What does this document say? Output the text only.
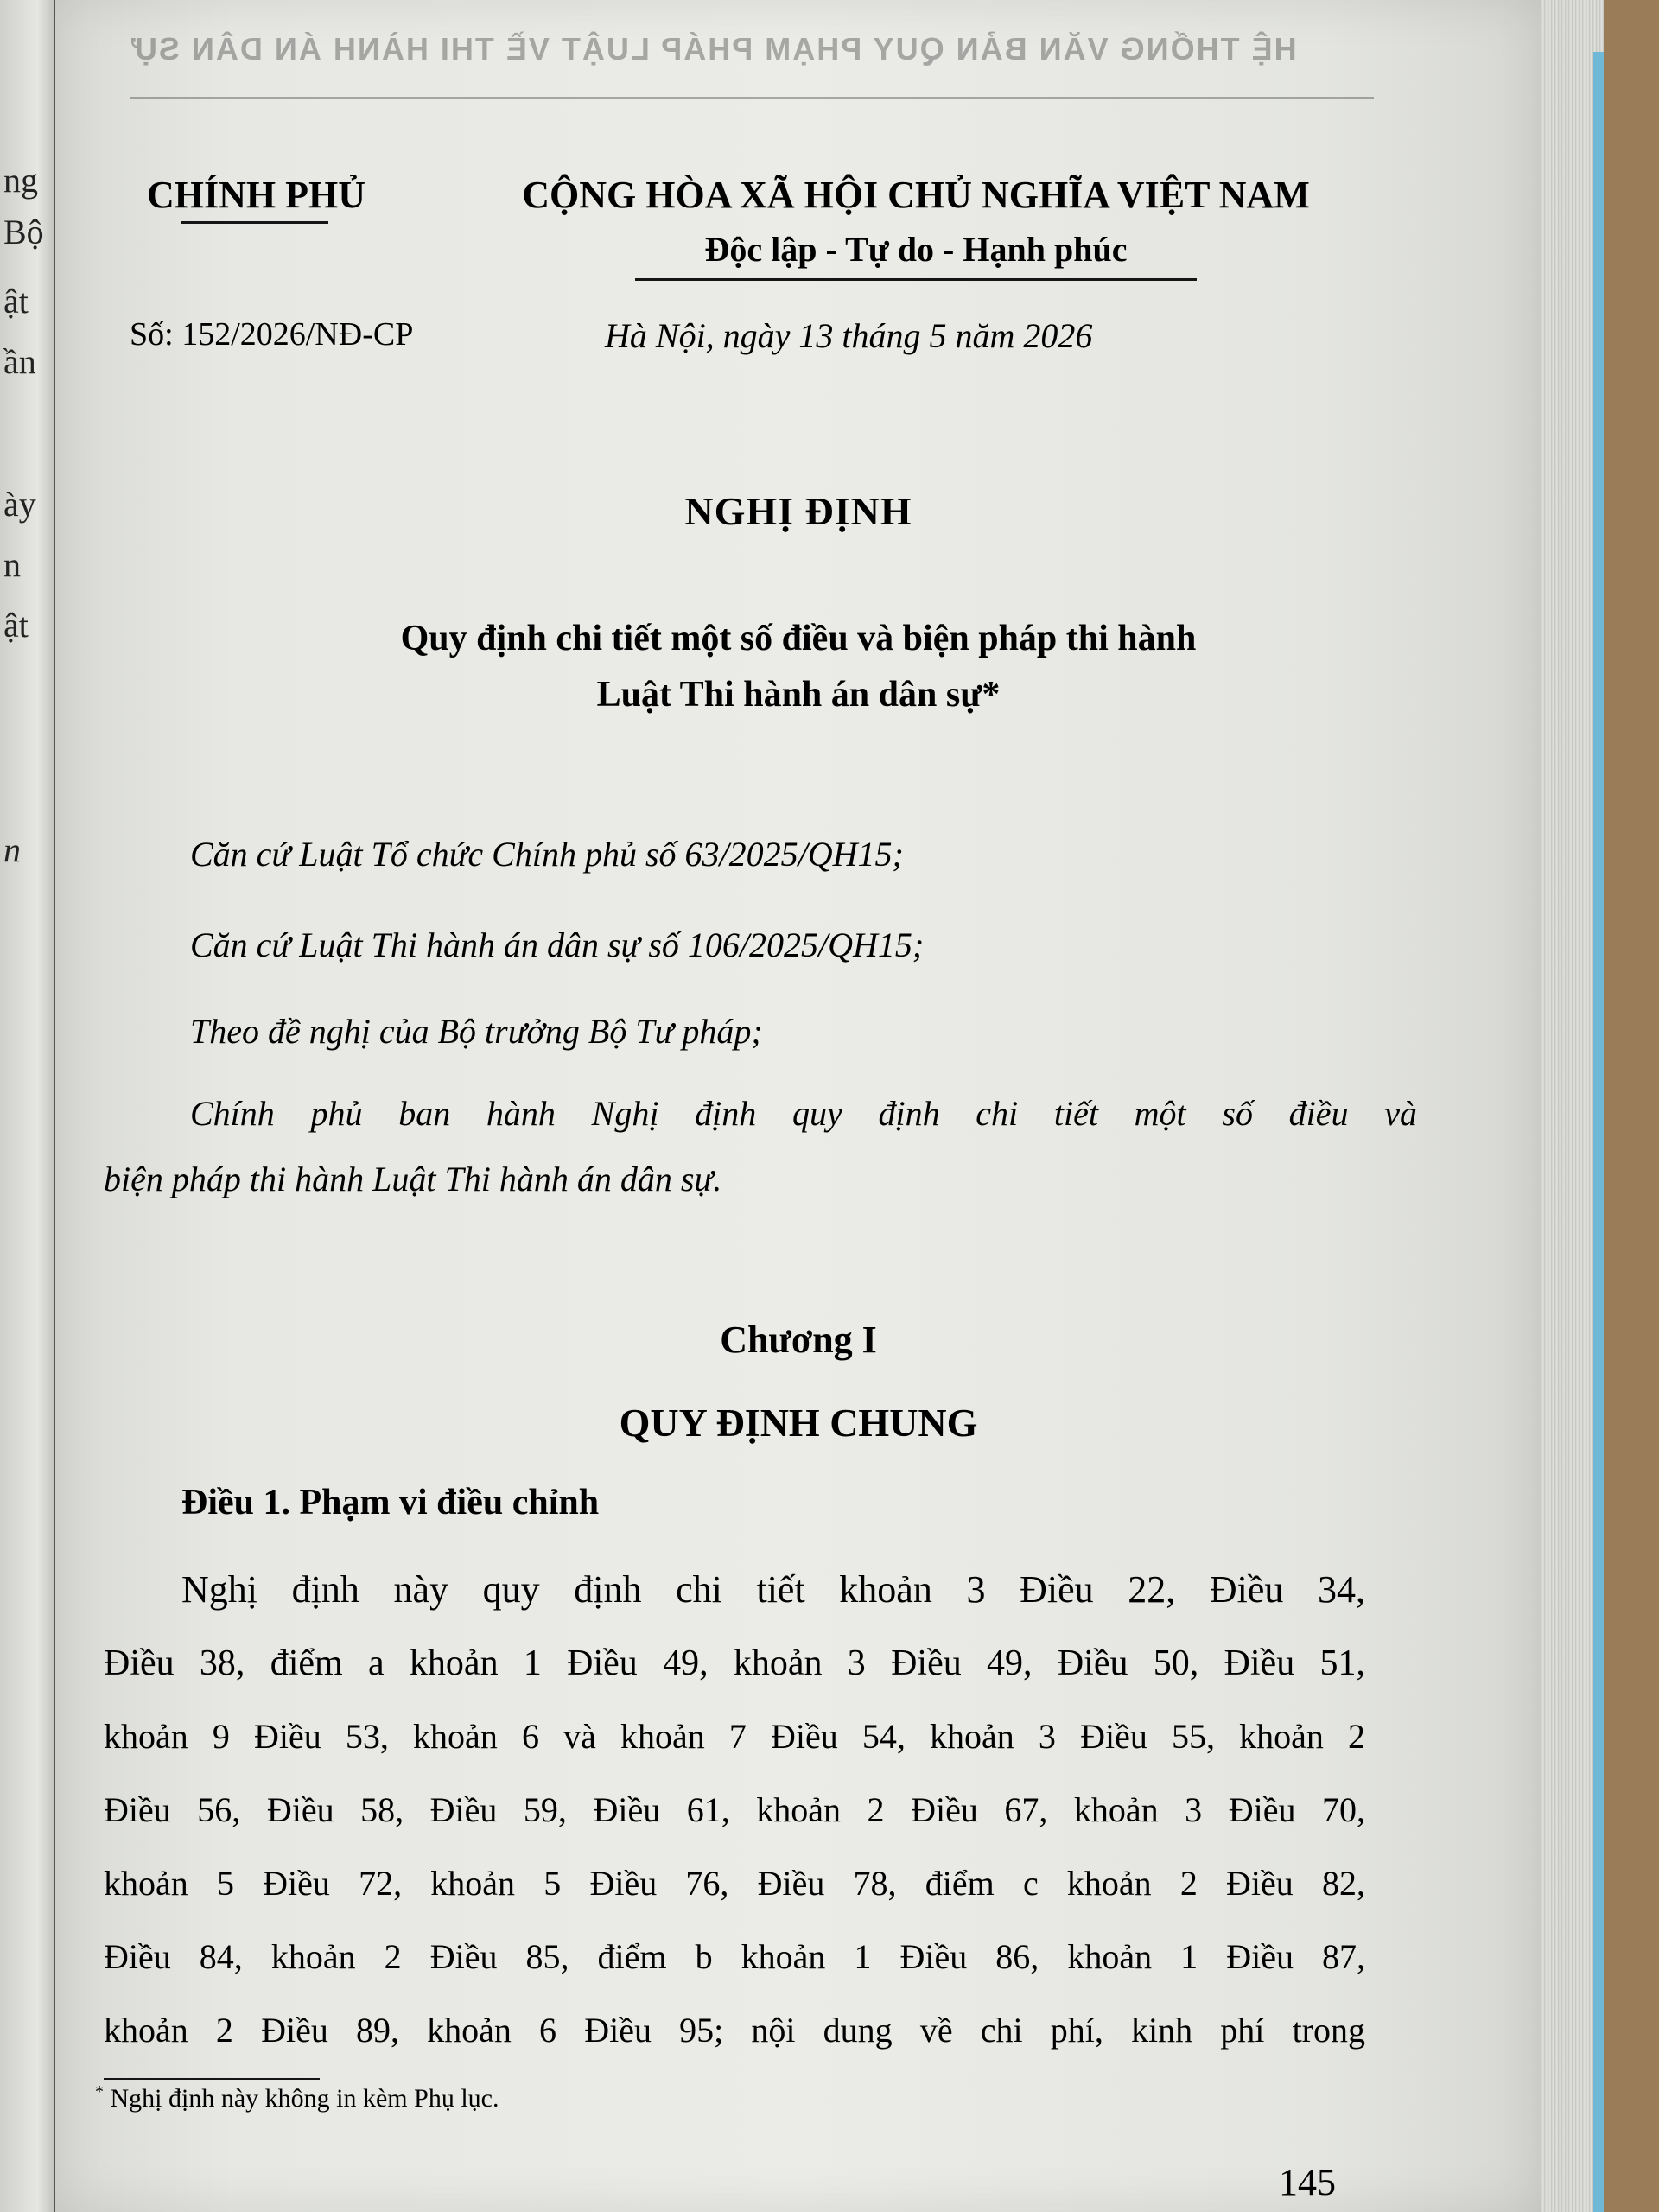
ng
Bộ
ật
ần
ày
n
ật
n
HỆ THỐNG VĂN BẢN QUY PHẠM PHÁP LUẬT VỀ THI HÀNH ÁN DÂN SỰ
CHÍNH PHỦ	CỘNG HÒA XÃ HỘI CHỦ NGHĨA VIỆT NAM
Độc lập - Tự do - Hạnh phúc
Số: 152/2026/NĐ-CP	Hà Nội, ngày 13 tháng 5 năm 2026
NGHỊ ĐỊNH
Quy định chi tiết một số điều và biện pháp thi hành
Luật Thi hành án dân sự*
Căn cứ Luật Tổ chức Chính phủ số 63/2025/QH15;
Căn cứ Luật Thi hành án dân sự số 106/2025/QH15;
Theo đề nghị của Bộ trưởng Bộ Tư pháp;
Chính phủ ban hành Nghị định quy định chi tiết một số điều và
biện pháp thi hành Luật Thi hành án dân sự.
Chương I
QUY ĐỊNH CHUNG
Điều 1. Phạm vi điều chỉnh
Nghị định này quy định chi tiết khoản 3 Điều 22, Điều 34,
Điều 38, điểm a khoản 1 Điều 49, khoản 3 Điều 49, Điều 50, Điều 51,
khoản 9 Điều 53, khoản 6 và khoản 7 Điều 54, khoản 3 Điều 55, khoản 2
Điều 56, Điều 58, Điều 59, Điều 61, khoản 2 Điều 67, khoản 3 Điều 70,
khoản 5 Điều 72, khoản 5 Điều 76, Điều 78, điểm c khoản 2 Điều 82,
Điều 84, khoản 2 Điều 85, điểm b khoản 1 Điều 86, khoản 1 Điều 87,
khoản 2 Điều 89, khoản 6 Điều 95; nội dung về chi phí, kinh phí trong
* Nghị định này không in kèm Phụ lục.
145
